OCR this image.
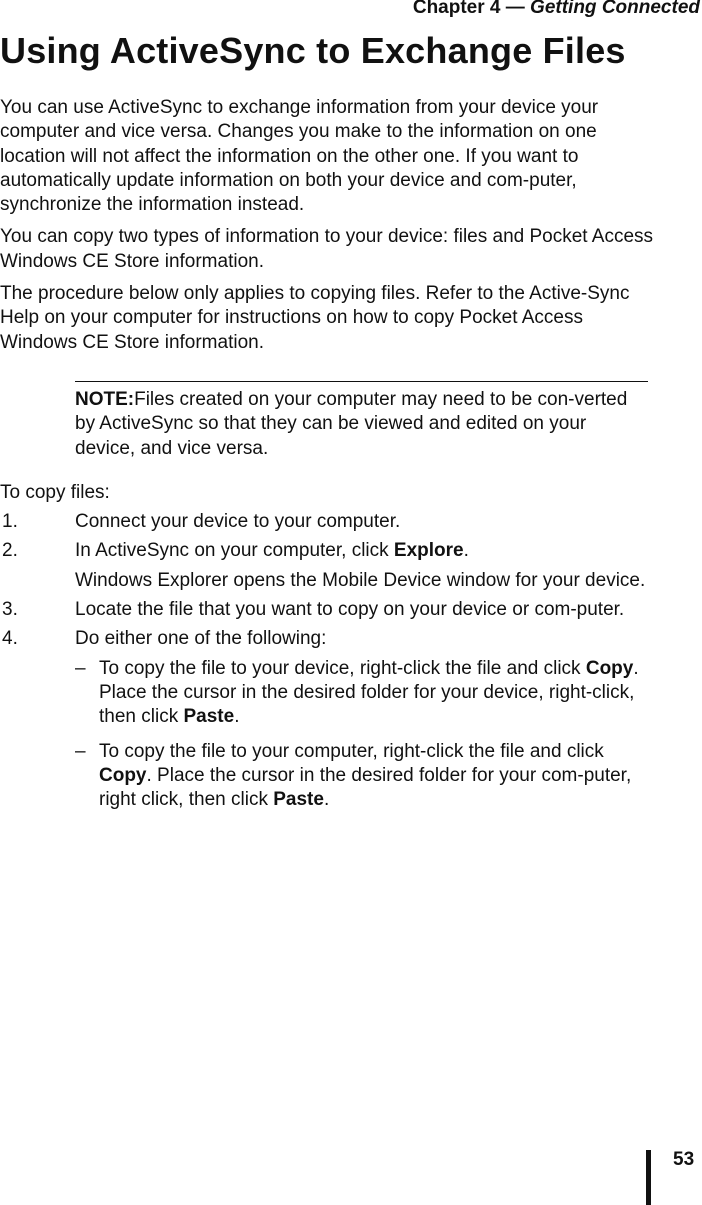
Chapter 4 — Getting Connected
Using ActiveSync to Exchange Files

You can use ActiveSync to exchange information from your device your computer and vice versa. Changes you make to the information on one location will not affect the information on the other one. If you want to automatically update information on both your device and com-puter, synchronize the information instead.

You can copy two types of information to your device: files and Pocket Access Windows CE Store information.

The procedure below only applies to copying files. Refer to the Active-Sync Help on your computer for instructions on how to copy Pocket Access Windows CE Store information.

NOTE:Files created on your computer may need to be con-verted by ActiveSync so that they can be viewed and edited on your device, and vice versa.
To copy files:
1.	Connect your device to your computer.
2.	In ActiveSync on your computer, click Explore.
Windows Explorer opens the Mobile Device window for your device.
3.	Locate the file that you want to copy on your device or com-puter.
4.	Do either one of the following:
– To copy the file to your device, right-click the file and click Copy. Place the cursor in the desired folder for your device, right-click, then click Paste.
– To copy the file to your computer, right-click the file and click Copy. Place the cursor in the desired folder for your com-puter, right click, then click Paste.
53
